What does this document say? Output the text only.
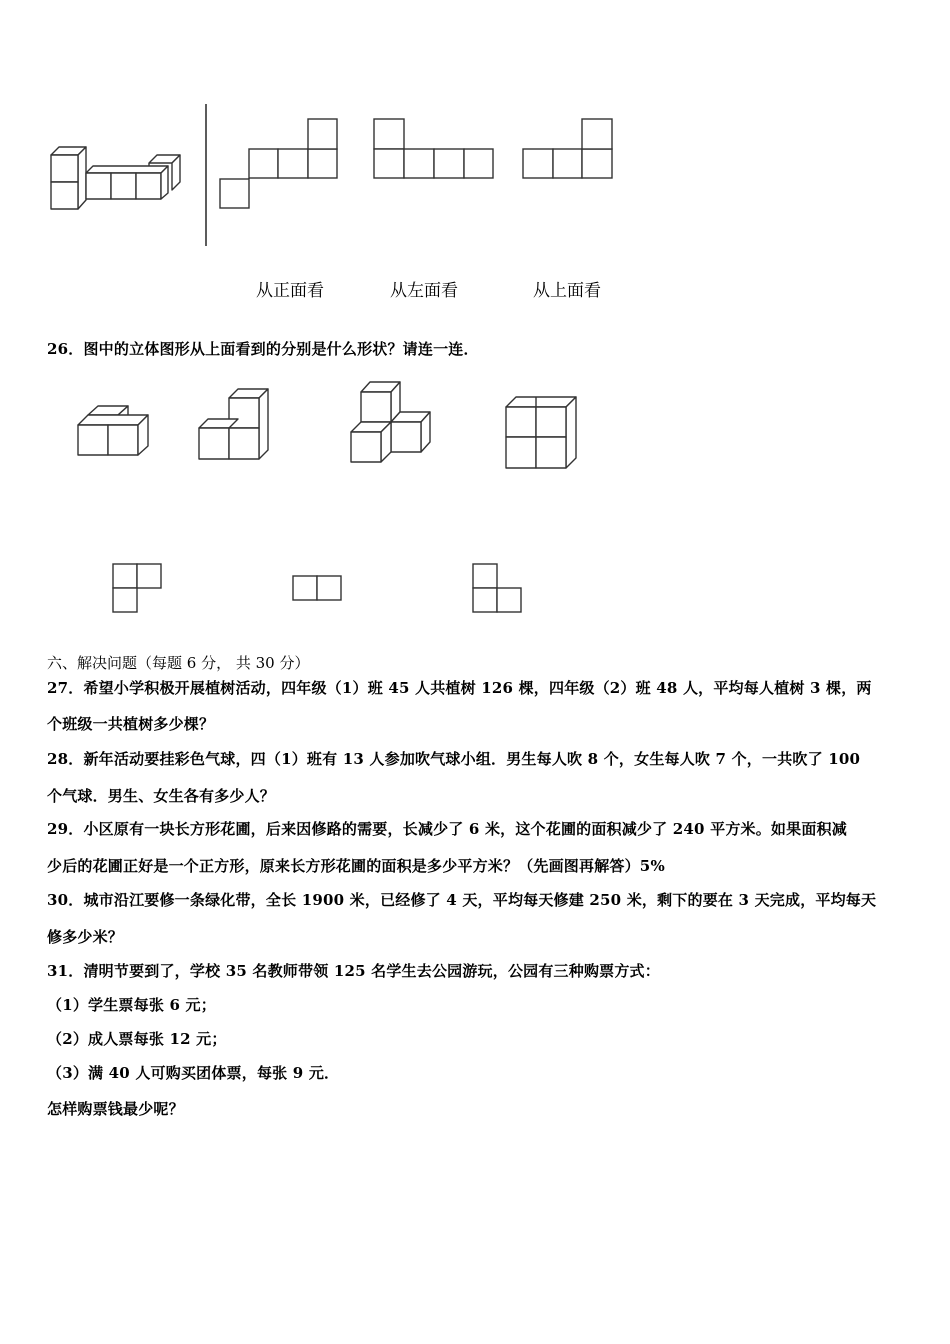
从正面看	从左面看	从上面看
26．图中的立体图形从上面看到的分别是什么形状？请连一连．
六、解决问题（每题 6 分， 共 30 分）
27．希望小学积极开展植树活动，四年级（1）班 45 人共植树 126 棵，四年级（2）班 48 人，平均每人植树 3 棵，两
个班级一共植树多少棵？
28．新年活动要挂彩色气球，四（1）班有 13 人参加吹气球小组．男生每人吹 8 个，女生每人吹 7 个，一共吹了 100
个气球．男生、女生各有多少人？
29．小区原有一块长方形花圃，后来因修路的需要，长减少了 6 米，这个花圃的面积减少了 240 平方米。如果面积减
少后的花圃正好是一个正方形，原来长方形花圃的面积是多少平方米？（先画图再解答）5%
30．城市沿江要修一条绿化带，全长 1900 米，已经修了 4 天，平均每天修建 250 米，剩下的要在 3 天完成，平均每天
修多少米？
31．清明节要到了，学校 35 名教师带领 125 名学生去公园游玩，公园有三种购票方式：
（1）学生票每张 6 元；
（2）成人票每张 12 元；
（3）满 40 人可购买团体票，每张 9 元．
怎样购票钱最少呢？
